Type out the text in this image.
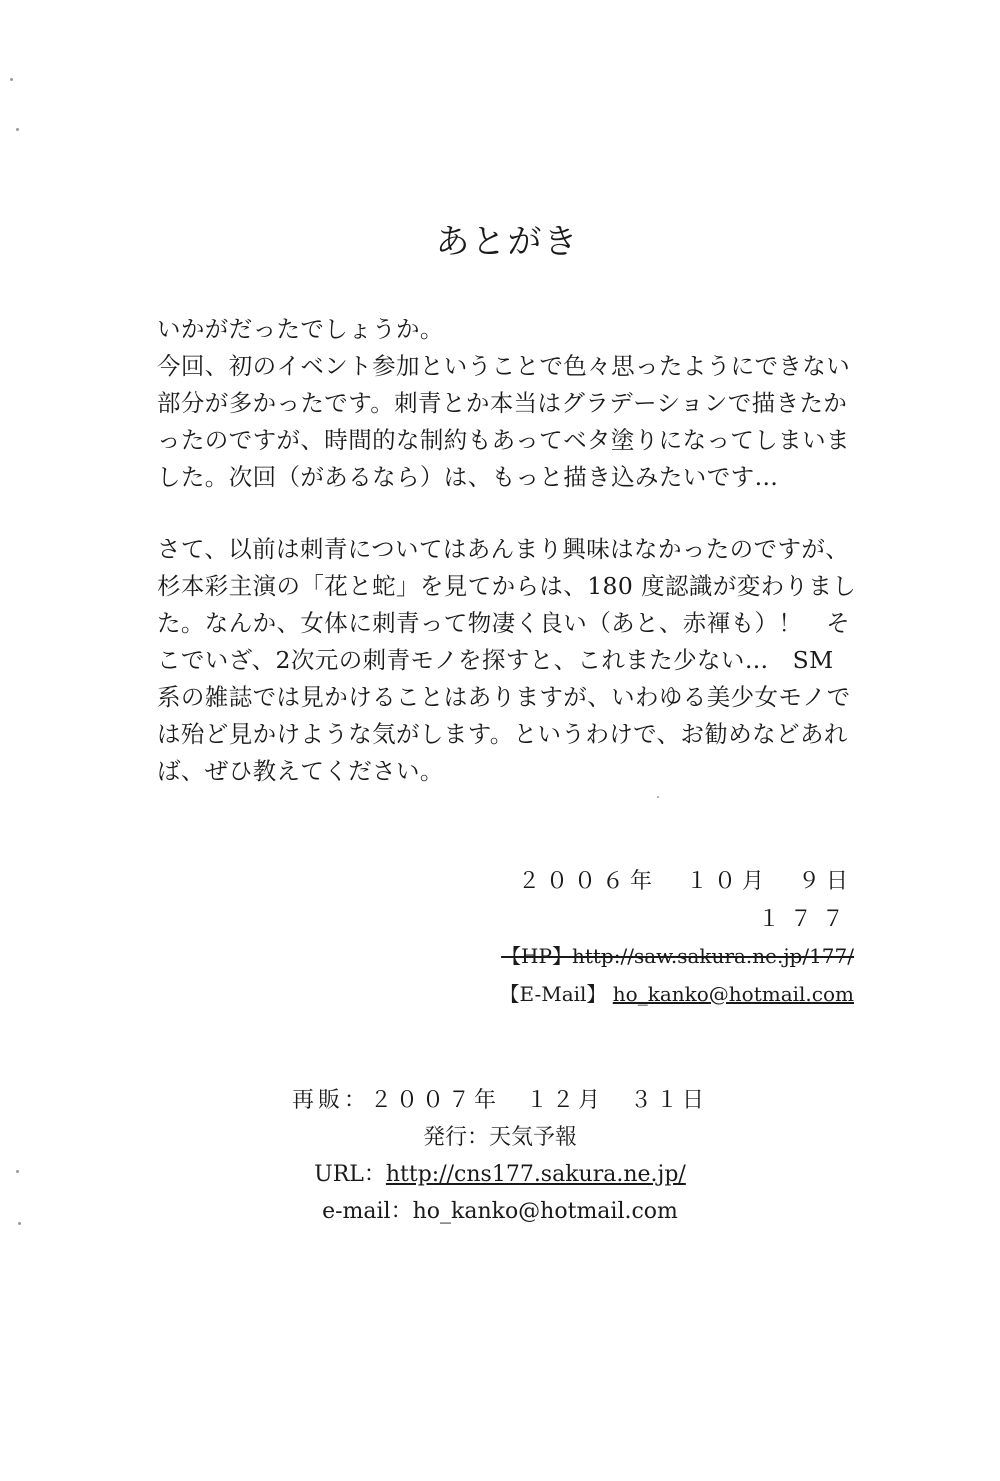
あとがき
いかがだったでしょうか。
今回、初のイベント参加ということで色々思ったようにできない
部分が多かったです。刺青とか本当はグラデーションで描きたか
ったのですが、時間的な制約もあってベタ塗りになってしまいま
した。次回（があるなら）は、もっと描き込みたいです…
さて、以前は刺青についてはあんまり興味はなかったのですが、
杉本彩主演の「花と蛇」を見てからは、180 度認識が変わりまし
た。なんか、女体に刺青って物凄く良い（あと、赤褌も）！　そ
こでいざ、2次元の刺青モノを探すと、これまた少ない…　SM
系の雑誌では見かけることはありますが、いわゆる美少女モノで
は殆ど見かけような気がします。というわけで、お勧めなどあれ
ば、ぜひ教えてください。
２００６年　１０月　９日
１７７
【HP】http://saw.sakura.ne.jp/177/
【E-Mail】 ho_kanko@hotmail.com
再販：２００７年　１２月　３１日
発行：天気予報
URL：http://cns177.sakura.ne.jp/
e-mail：ho_kanko@hotmail.com
